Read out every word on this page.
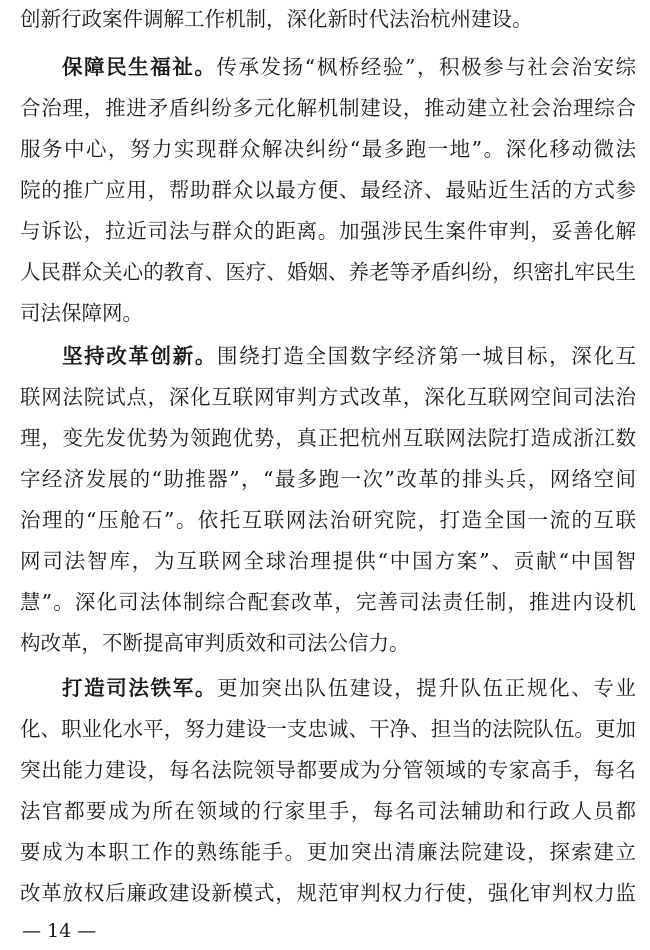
创新行政案件调解工作机制，深化新时代法治杭州建设。
保障民生福祉。传承发扬“枫桥经验”，积极参与社会治安综
合治理，推进矛盾纠纷多元化解机制建设，推动建立社会治理综合
服务中心，努力实现群众解决纠纷“最多跑一地”。深化移动微法
院的推广应用，帮助群众以最方便、最经济、最贴近生活的方式参
与诉讼，拉近司法与群众的距离。加强涉民生案件审判，妥善化解
人民群众关心的教育、医疗、婚姻、养老等矛盾纠纷，织密扎牢民生
司法保障网。
坚持改革创新。围绕打造全国数字经济第一城目标，深化互
联网法院试点，深化互联网审判方式改革，深化互联网空间司法治
理，变先发优势为领跑优势，真正把杭州互联网法院打造成浙江数
字经济发展的“助推器”，“最多跑一次”改革的排头兵，网络空间
治理的“压舱石”。依托互联网法治研究院，打造全国一流的互联
网司法智库，为互联网全球治理提供“中国方案”、贡献“中国智
慧”。深化司法体制综合配套改革，完善司法责任制，推进内设机
构改革，不断提高审判质效和司法公信力。
打造司法铁军。更加突出队伍建设，提升队伍正规化、专业
化、职业化水平，努力建设一支忠诚、干净、担当的法院队伍。更加
突出能力建设，每名法院领导都要成为分管领域的专家高手，每名
法官都要成为所在领域的行家里手，每名司法辅助和行政人员都
要成为本职工作的熟练能手。更加突出清廉法院建设，探索建立
改革放权后廉政建设新模式，规范审判权力行使，强化审判权力监
— 14 —
